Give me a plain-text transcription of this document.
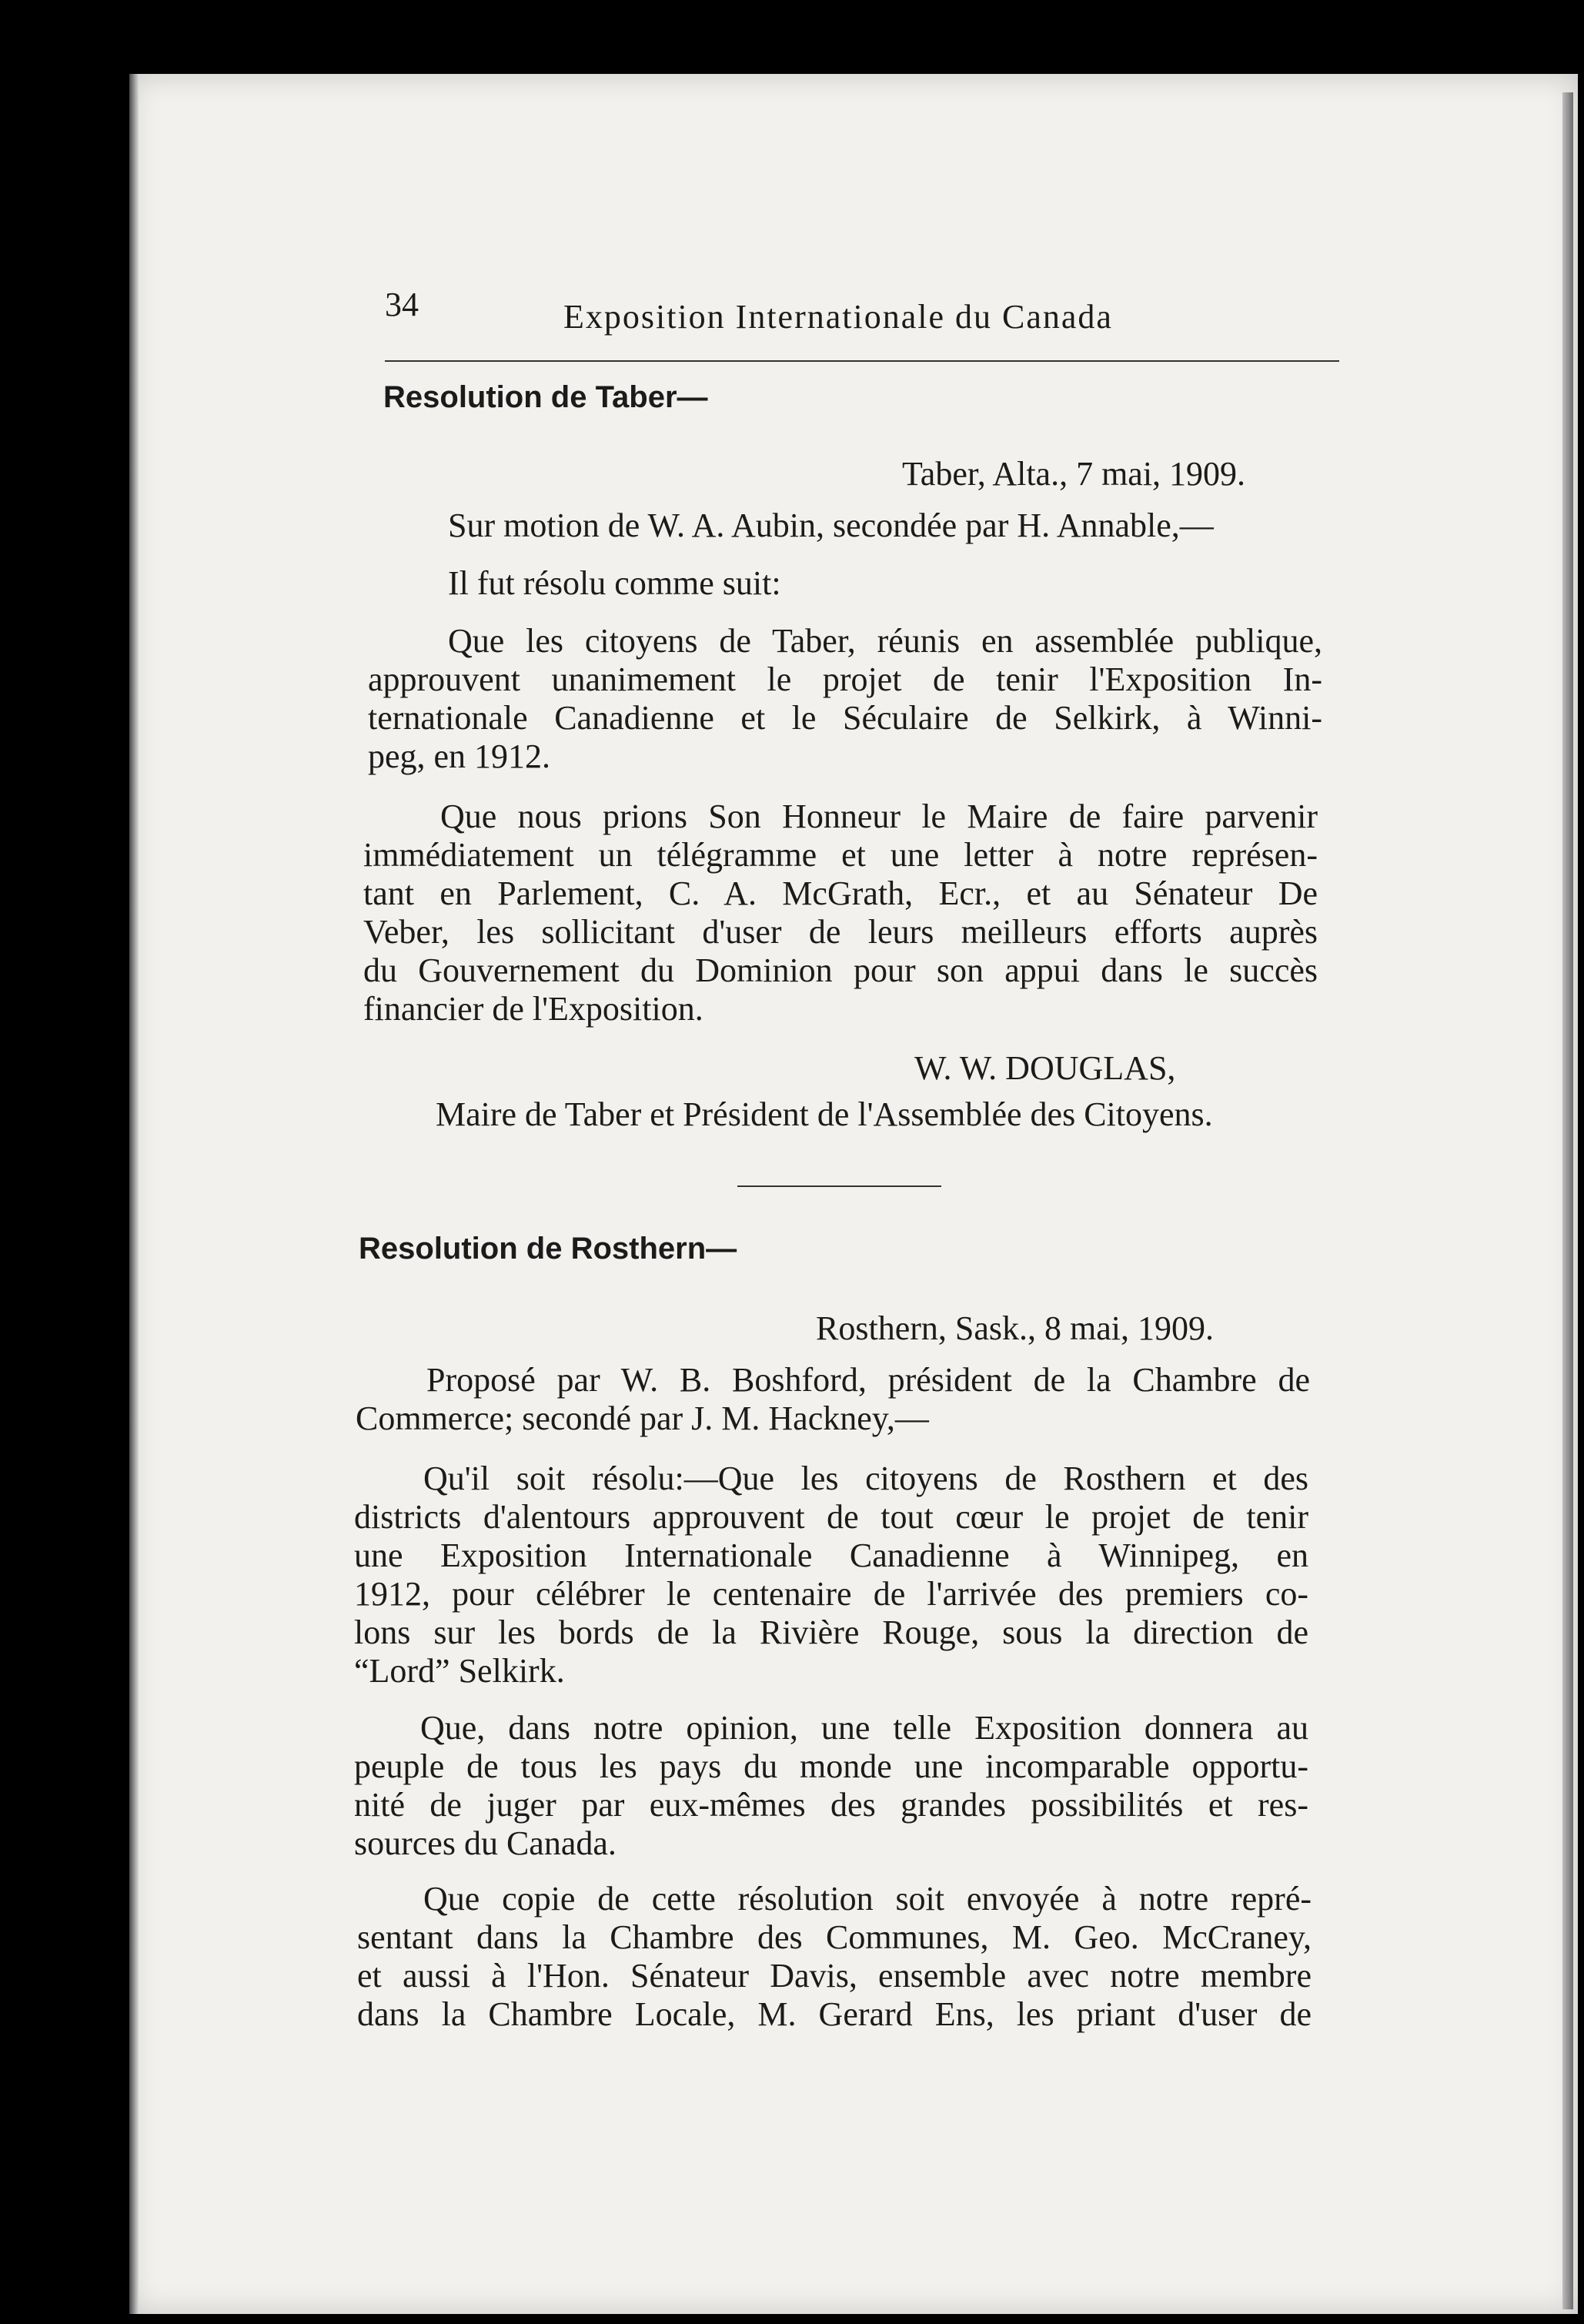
34	Exposition Internationale du Canada
Resolution de Taber—
Taber, Alta., 7 mai, 1909.
Sur motion de W. A. Aubin, secondée par H. Annable,—
Il fut résolu comme suit:
Que les citoyens de Taber, réunis en assemblée publique,
approuvent unanimement le projet de tenir l'Exposition In-
ternationale Canadienne et le Séculaire de Selkirk, à Winni-
peg, en 1912.
Que nous prions Son Honneur le Maire de faire parvenir
immédiatement un télégramme et une letter à notre représen-
tant en Parlement, C. A. McGrath, Ecr., et au Sénateur De
Veber, les sollicitant d'user de leurs meilleurs efforts auprès
du Gouvernement du Dominion pour son appui dans le succès
financier de l'Exposition.
W. W. DOUGLAS,
Maire de Taber et Président de l'Assemblée des Citoyens.
Resolution de Rosthern—
Rosthern, Sask., 8 mai, 1909.
Proposé par W. B. Boshford, président de la Chambre de
Commerce; secondé par J. M. Hackney,—
Qu'il soit résolu:—Que les citoyens de Rosthern et des
districts d'alentours approuvent de tout cœur le projet de tenir
une Exposition Internationale Canadienne à Winnipeg, en
1912, pour célébrer le centenaire de l'arrivée des premiers co-
lons sur les bords de la Rivière Rouge, sous la direction de
“Lord” Selkirk.
Que, dans notre opinion, une telle Exposition donnera au
peuple de tous les pays du monde une incomparable opportu-
nité de juger par eux-mêmes des grandes possibilités et res-
sources du Canada.
Que copie de cette résolution soit envoyée à notre repré-
sentant dans la Chambre des Communes, M. Geo. McCraney,
et aussi à l'Hon. Sénateur Davis, ensemble avec notre membre
dans la Chambre Locale, M. Gerard Ens, les priant d'user de
